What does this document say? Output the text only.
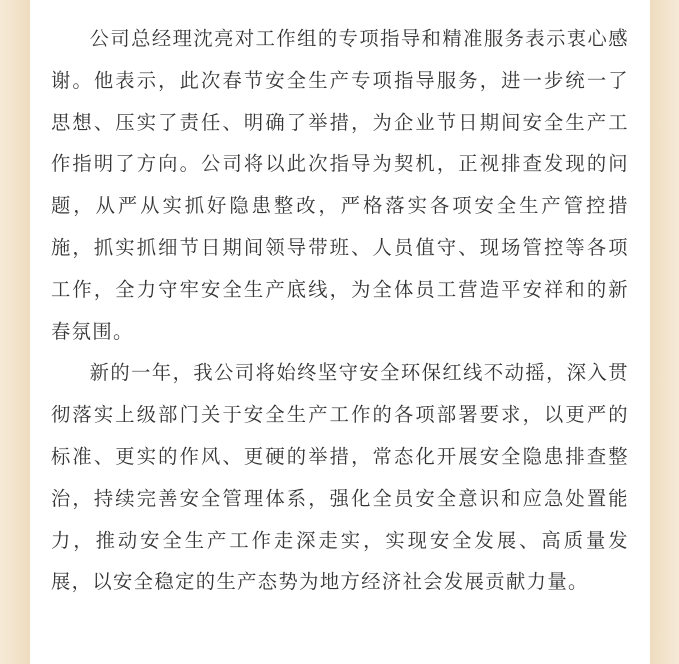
公司总经理沈亮对工作组的专项指导和精准服务表示衷心感谢。他表示，此次春节安全生产专项指导服务，进一步统一了思想、压实了责任、明确了举措，为企业节日期间安全生产工作指明了方向。公司将以此次指导为契机，正视排查发现的问题，从严从实抓好隐患整改，严格落实各项安全生产管控措施，抓实抓细节日期间领导带班、人员值守、现场管控等各项工作，全力守牢安全生产底线，为全体员工营造平安祥和的新春氛围。

新的一年，我公司将始终坚守安全环保红线不动摇，深入贯彻落实上级部门关于安全生产工作的各项部署要求，以更严的标准、更实的作风、更硬的举措，常态化开展安全隐患排查整治，持续完善安全管理体系，强化全员安全意识和应急处置能力，推动安全生产工作走深走实，实现安全发展、高质量发展，以安全稳定的生产态势为地方经济社会发展贡献力量。
